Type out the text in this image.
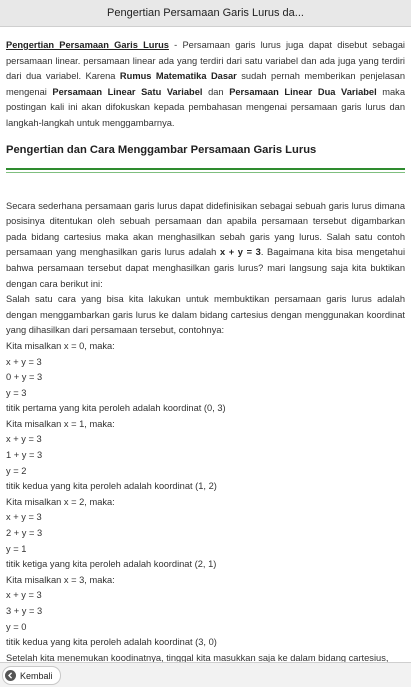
Pengertian Persamaan Garis Lurus da...

Pengertian Persamaan Garis Lurus - Persamaan garis lurus juga dapat disebut sebagai persamaan linear. persamaan linear ada yang terdiri dari satu variabel dan ada juga yang terdiri dari dua variabel. Karena Rumus Matematika Dasar sudah pernah memberikan penjelasan mengenai Persamaan Linear Satu Variabel dan Persamaan Linear Dua Variabel maka postingan kali ini akan difokuskan kepada pembahasan mengenai persamaan garis lurus dan langkah-langkah untuk menggambarnya.

Pengertian dan Cara Menggambar Persamaan Garis Lurus

Secara sederhana persamaan garis lurus dapat didefinisikan sebagai sebuah garis lurus dimana posisinya ditentukan oleh sebuah persamaan dan apabila persamaan tersebut digambarkan pada bidang cartesius maka akan menghasilkan sebah garis yang lurus. Salah satu contoh persamaan yang menghasilkan garis lurus adalah x + y = 3. Bagaimana kita bisa mengetahui bahwa persamaan tersebut dapat menghasilkan garis lurus? mari langsung saja kita buktikan dengan cara berikut ini:

Salah satu cara yang bisa kita lakukan untuk membuktikan persamaan garis lurus adalah dengan menggambarkan garis lurus ke dalam bidang cartesius dengan menggunakan koordinat yang dihasilkan dari persamaan tersebut, contohnya:

Kita misalkan x = 0, maka:
x + y = 3
0 + y = 3
y = 3
titik pertama yang kita peroleh adalah koordinat (0, 3)
Kita misalkan x = 1, maka:
x + y = 3
1 + y = 3
y = 2
titik kedua yang kita peroleh adalah koordinat (1, 2)
Kita misalkan x = 2, maka:
x + y = 3
2 + y = 3
y = 1
titik ketiga yang kita peroleh adalah koordinat (2, 1)
Kita misalkan x = 3, maka:
x + y = 3
3 + y = 3
y = 0
titik kedua yang kita peroleh adalah koordinat (3, 0)

Setelah kita menemukan koodinatnya, tinggal kita masukkan saja ke dalam bidang cartesius,

Kembali
